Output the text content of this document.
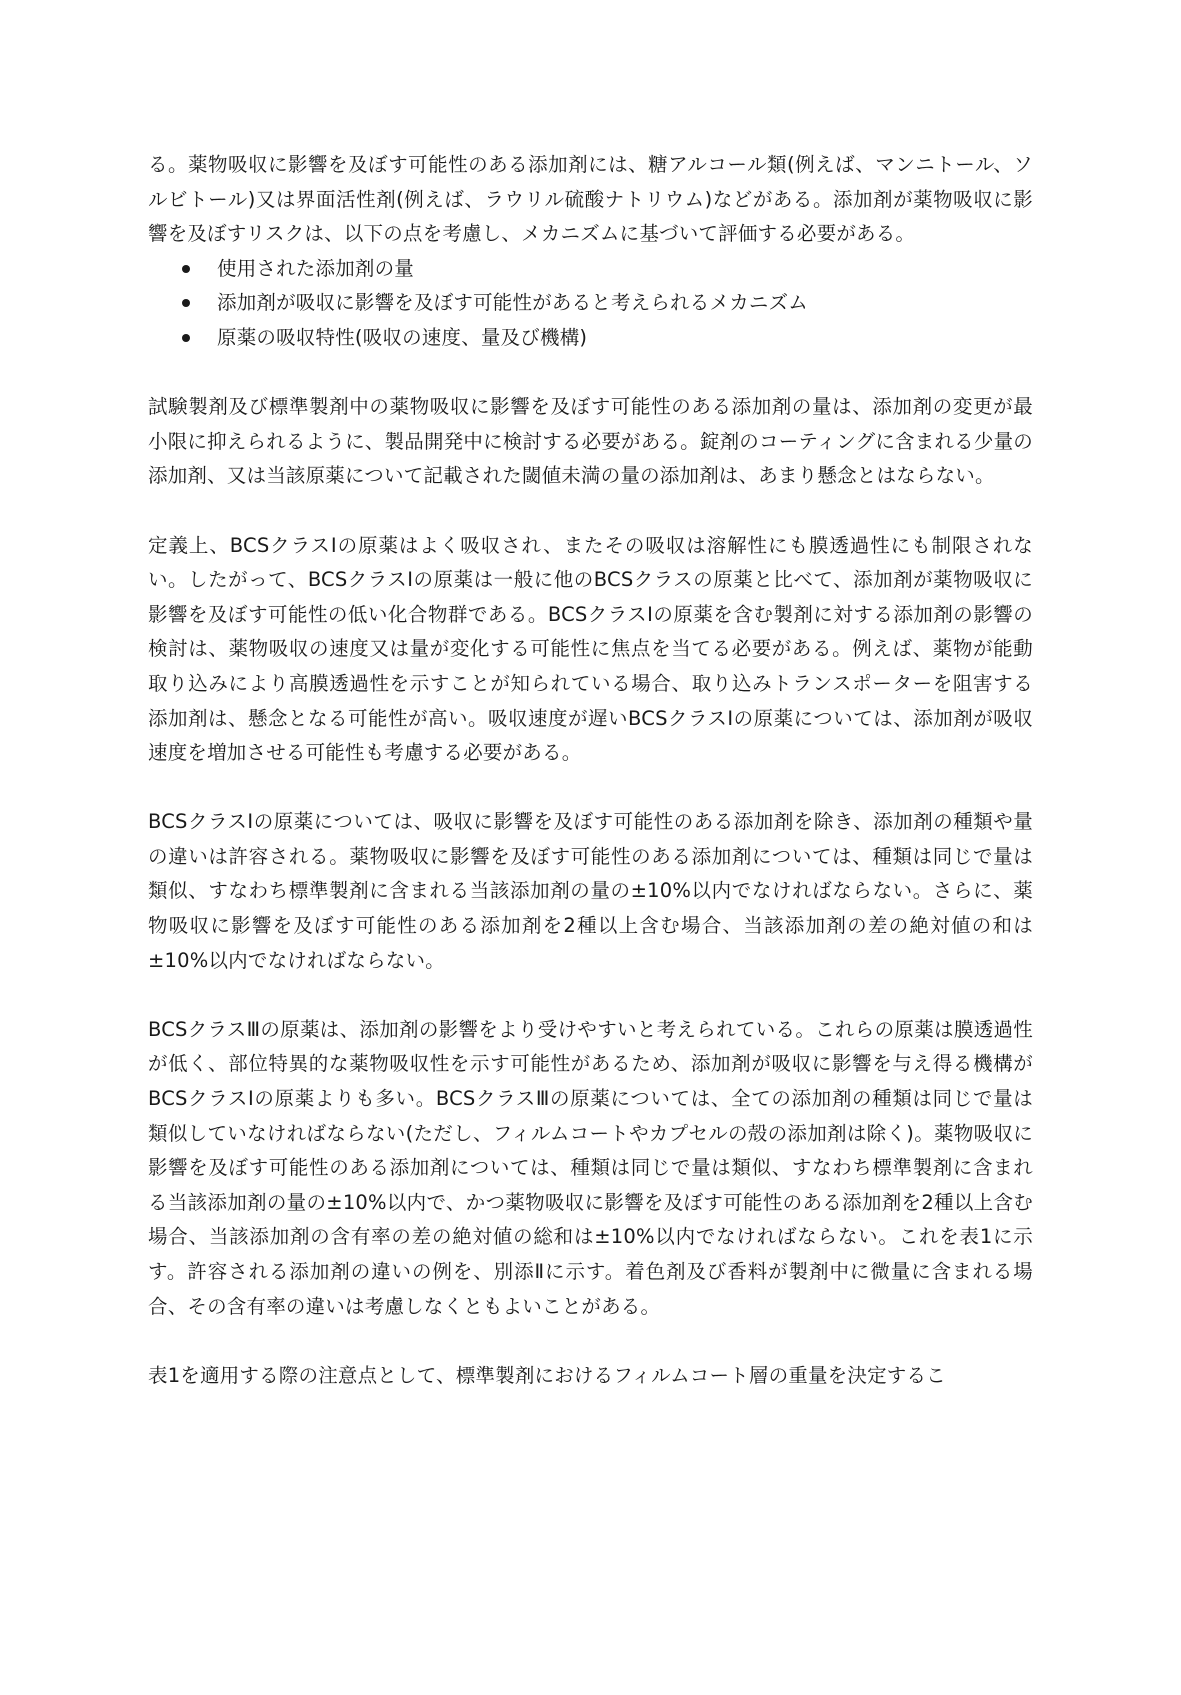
る。薬物吸収に影響を及ぼす可能性のある添加剤には、糖アルコール類(例えば、マンニトール、ソルビトール)又は界面活性剤(例えば、ラウリル硫酸ナトリウム)などがある。添加剤が薬物吸収に影響を及ぼすリスクは、以下の点を考慮し、メカニズムに基づいて評価する必要がある。

使用された添加剤の量
添加剤が吸収に影響を及ぼす可能性があると考えられるメカニズム
原薬の吸収特性(吸収の速度、量及び機構)

試験製剤及び標準製剤中の薬物吸収に影響を及ぼす可能性のある添加剤の量は、添加剤の変更が最小限に抑えられるように、製品開発中に検討する必要がある。錠剤のコーティングに含まれる少量の添加剤、又は当該原薬について記載された閾値未満の量の添加剤は、あまり懸念とはならない。

定義上、BCSクラスⅠの原薬はよく吸収され、またその吸収は溶解性にも膜透過性にも制限されない。したがって、BCSクラスⅠの原薬は一般に他のBCSクラスの原薬と比べて、添加剤が薬物吸収に影響を及ぼす可能性の低い化合物群である。BCSクラスⅠの原薬を含む製剤に対する添加剤の影響の検討は、薬物吸収の速度又は量が変化する可能性に焦点を当てる必要がある。例えば、薬物が能動取り込みにより高膜透過性を示すことが知られている場合、取り込みトランスポーターを阻害する添加剤は、懸念となる可能性が高い。吸収速度が遅いBCSクラスⅠの原薬については、添加剤が吸収速度を増加させる可能性も考慮する必要がある。

BCSクラスⅠの原薬については、吸収に影響を及ぼす可能性のある添加剤を除き、添加剤の種類や量の違いは許容される。薬物吸収に影響を及ぼす可能性のある添加剤については、種類は同じで量は類似、すなわち標準製剤に含まれる当該添加剤の量の±10%以内でなければならない。さらに、薬物吸収に影響を及ぼす可能性のある添加剤を2種以上含む場合、当該添加剤の差の絶対値の和は±10%以内でなければならない。

BCSクラスⅢの原薬は、添加剤の影響をより受けやすいと考えられている。これらの原薬は膜透過性が低く、部位特異的な薬物吸収性を示す可能性があるため、添加剤が吸収に影響を与え得る機構がBCSクラスⅠの原薬よりも多い。BCSクラスⅢの原薬については、全ての添加剤の種類は同じで量は類似していなければならない(ただし、フィルムコートやカプセルの殻の添加剤は除く)。薬物吸収に影響を及ぼす可能性のある添加剤については、種類は同じで量は類似、すなわち標準製剤に含まれる当該添加剤の量の±10%以内で、かつ薬物吸収に影響を及ぼす可能性のある添加剤を2種以上含む場合、当該添加剤の含有率の差の絶対値の総和は±10%以内でなければならない。これを表1に示す。許容される添加剤の違いの例を、別添Ⅱに示す。着色剤及び香料が製剤中に微量に含まれる場合、その含有率の違いは考慮しなくともよいことがある。

表1を適用する際の注意点として、標準製剤におけるフィルムコート層の重量を決定するこ
